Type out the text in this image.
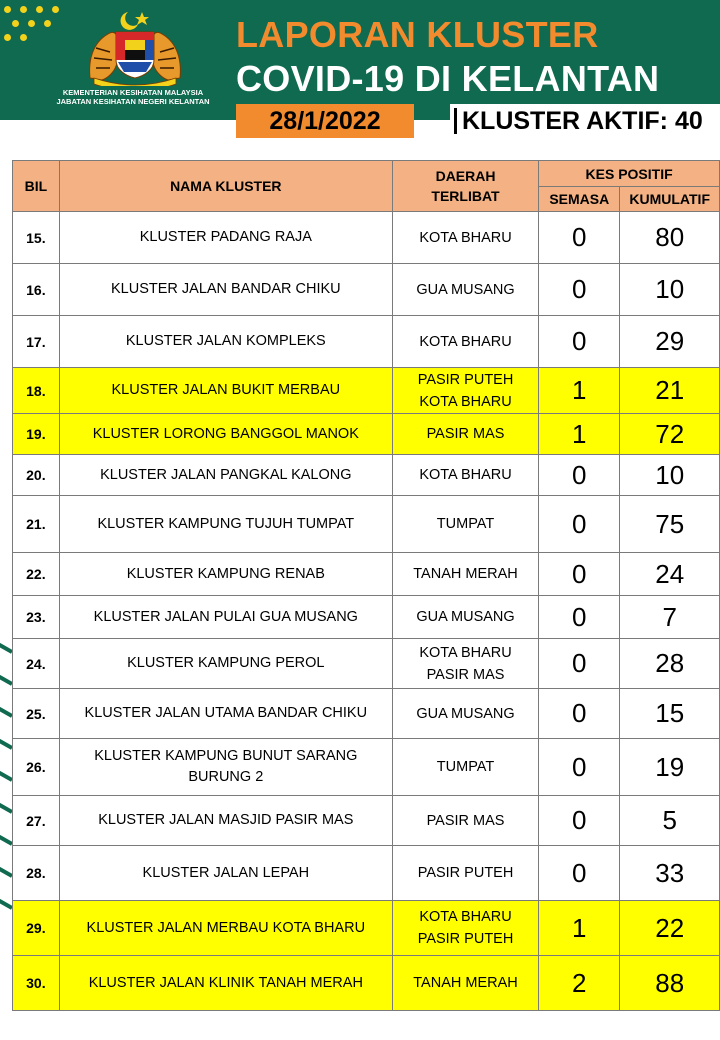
KEMENTERIAN KESIHATAN MALAYSIA
JABATAN KESIHATAN NEGERI KELANTAN
LAPORAN KLUSTER
COVID-19 DI KELANTAN
28/1/2022	KLUSTER AKTIF: 40
BIL	NAMA KLUSTER	DAERAH
TERLIBAT	KES POSITIF	
			SEMASA	KUMULATIF
15.	KLUSTER PADANG RAJA	KOTA BHARU	0	80
16.	KLUSTER JALAN BANDAR CHIKU	GUA MUSANG	0	10
17.	KLUSTER JALAN KOMPLEKS	KOTA BHARU	0	29
18.	KLUSTER JALAN BUKIT MERBAU	PASIR PUTEH
KOTA BHARU	1	21
19.	KLUSTER LORONG BANGGOL MANOK	PASIR MAS	1	72
20.	KLUSTER JALAN PANGKAL KALONG	KOTA BHARU	0	10
21.	KLUSTER KAMPUNG TUJUH TUMPAT	TUMPAT	0	75
22.	KLUSTER KAMPUNG RENAB	TANAH MERAH	0	24
23.	KLUSTER JALAN PULAI GUA MUSANG	GUA MUSANG	0	7
24.	KLUSTER KAMPUNG PEROL	KOTA BHARU
PASIR MAS	0	28
25.	KLUSTER JALAN UTAMA BANDAR CHIKU	GUA MUSANG	0	15
26.	KLUSTER KAMPUNG BUNUT SARANG BURUNG 2	TUMPAT	0	19
27.	KLUSTER JALAN MASJID PASIR MAS	PASIR MAS	0	5
28.	KLUSTER JALAN LEPAH	PASIR PUTEH	0	33
29.	KLUSTER JALAN MERBAU KOTA BHARU	KOTA BHARU
PASIR PUTEH	1	22
30.	KLUSTER JALAN KLINIK TANAH MERAH	TANAH MERAH	2	88
